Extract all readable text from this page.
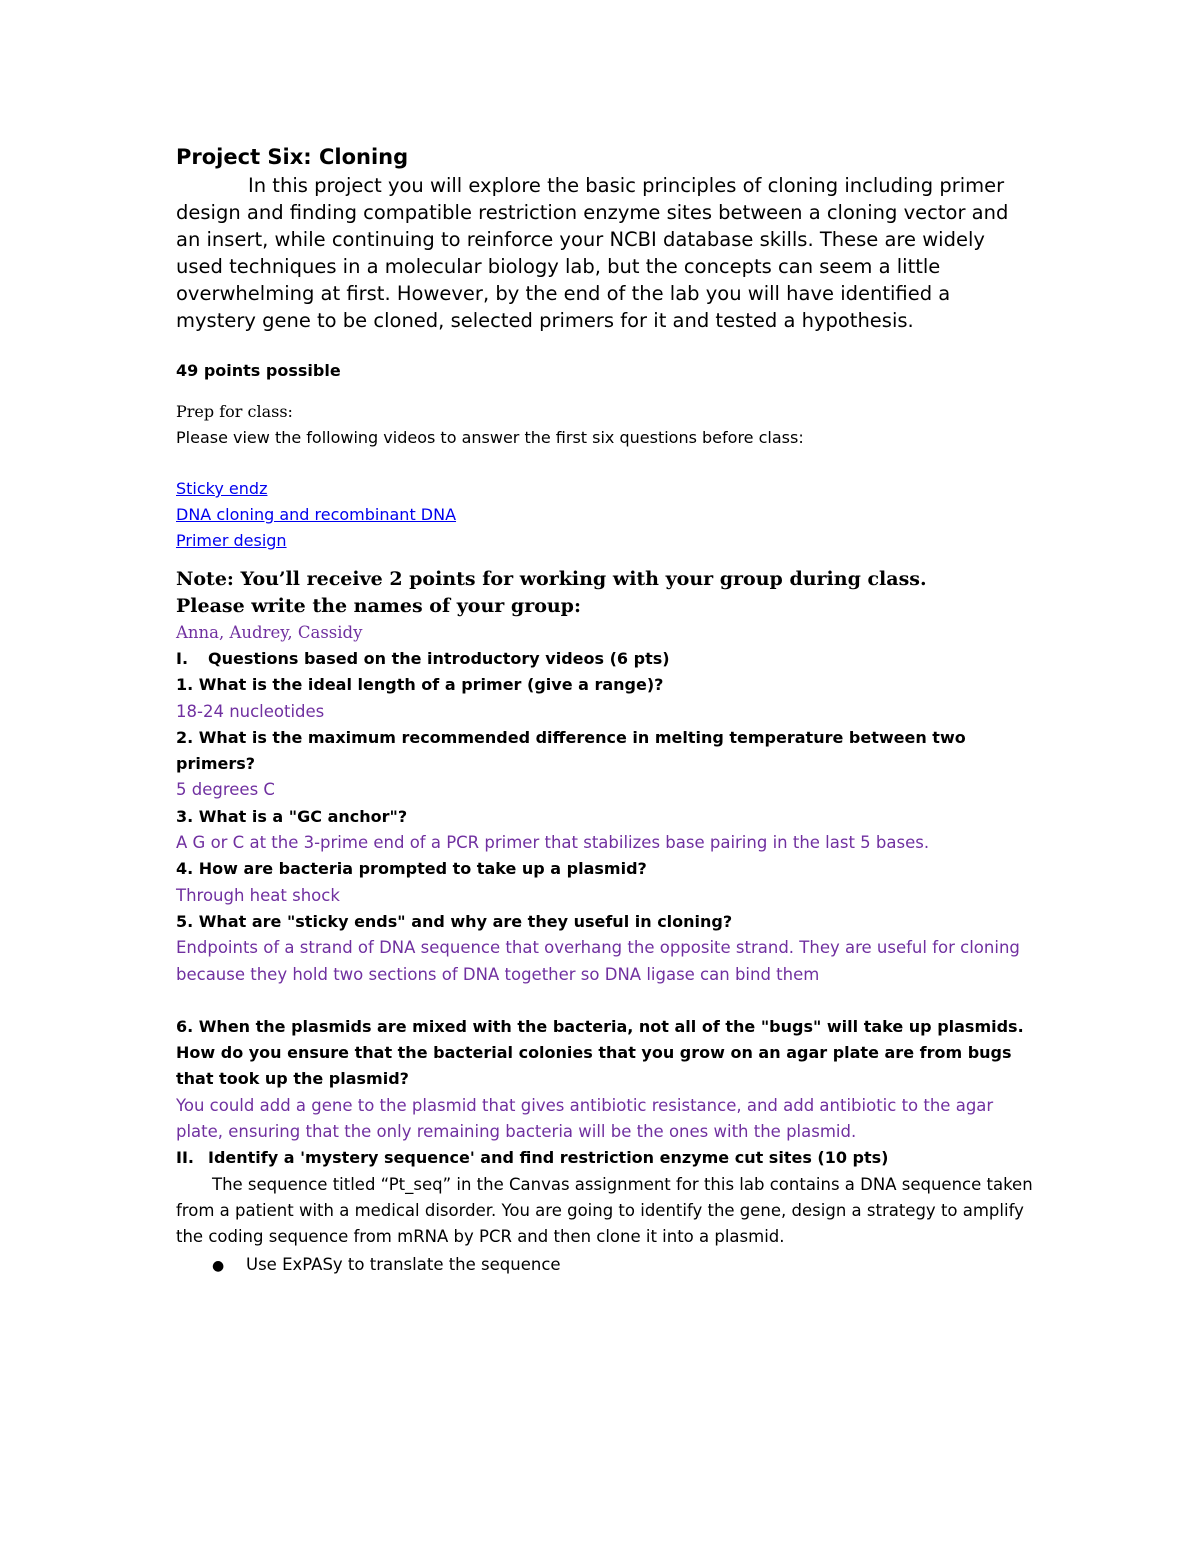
Project Six: Cloning

In this project you will explore the basic principles of cloning including primer design and finding compatible restriction enzyme sites between a cloning vector and an insert, while continuing to reinforce your NCBI database skills. These are widely used techniques in a molecular biology lab, but the concepts can seem a little overwhelming at first. However, by the end of the lab you will have identified a mystery gene to be cloned, selected primers for it and tested a hypothesis.

49 points possible

Prep for class:

Please view the following videos to answer the first six questions before class:

Sticky endz
DNA cloning and recombinant DNA
Primer design

Note: You’ll receive 2 points for working with your group during class.

Please write the names of your group:

Anna, Audrey, Cassidy

I. Questions based on the introductory videos (6 pts)

1. What is the ideal length of a primer (give a range)?

18-24 nucleotides

2. What is the maximum recommended difference in melting temperature between two primers?

5 degrees C

3. What is a "GC anchor"?

A G or C at the 3-prime end of a PCR primer that stabilizes base pairing in the last 5 bases.

4. How are bacteria prompted to take up a plasmid?

Through heat shock

5. What are "sticky ends" and why are they useful in cloning?

Endpoints of a strand of DNA sequence that overhang the opposite strand. They are useful for cloning because they hold two sections of DNA together so DNA ligase can bind them

6. When the plasmids are mixed with the bacteria, not all of the "bugs" will take up plasmids. How do you ensure that the bacterial colonies that you grow on an agar plate are from bugs that took up the plasmid?

You could add a gene to the plasmid that gives antibiotic resistance, and add antibiotic to the agar plate, ensuring that the only remaining bacteria will be the ones with the plasmid.

II. Identify a 'mystery sequence' and find restriction enzyme cut sites (10 pts)

The sequence titled “Pt_seq” in the Canvas assignment for this lab contains a DNA sequence taken from a patient with a medical disorder. You are going to identify the gene, design a strategy to amplify the coding sequence from mRNA by PCR and then clone it into a plasmid.

●	Use ExPASy to translate the sequence
